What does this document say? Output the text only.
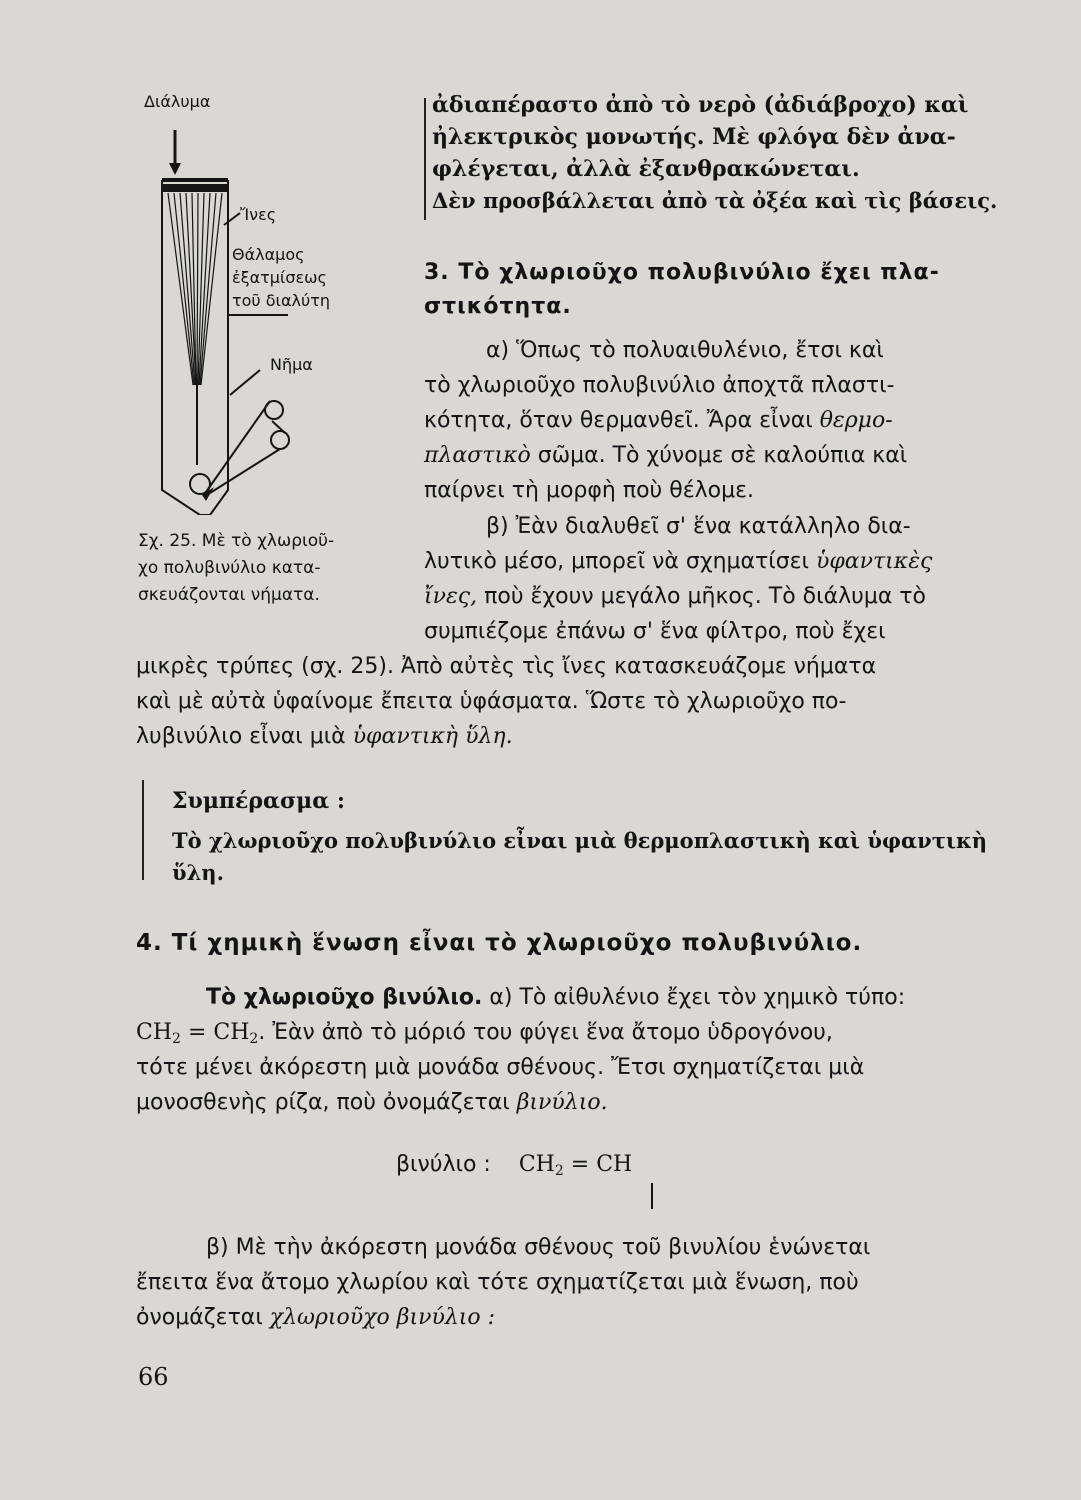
Διάλυμα
Ἴνες
Θάλαμος
ἐξατμίσεως
τοῦ διαλύτη
Νῆμα
Σχ. 25. Μὲ τὸ χλωριοῦ-
χο πολυβινύλιο κατα-
σκευάζονται νήματα.
ἀδιαπέραστο ἀπὸ τὸ νερὸ (ἀδιάβροχο) καὶ
ἠλεκτρικὸς μονωτής. Μὲ φλόγα δὲν ἀνα-
φλέγεται, ἀλλὰ ἐξανθρακώνεται.
Δὲν προσβάλλεται ἀπὸ τὰ ὀξέα καὶ τὶς βάσεις.
3. Τὸ χλωριοῦχο πολυβινύλιο ἔχει πλα-
στικότητα.
α) Ὅπως τὸ πολυαιθυλένιο, ἔτσι καὶ
τὸ χλωριοῦχο πολυβινύλιο ἀποχτᾶ πλαστι-
κότητα, ὅταν θερμανθεῖ. Ἄρα εἶναι θερμο-
πλαστικὸ σῶμα. Τὸ χύνομε σὲ καλούπια καὶ
παίρνει τὴ μορφὴ ποὺ θέλομε.
β) Ἐὰν διαλυθεῖ σ' ἕνα κατάλληλο δια-
λυτικὸ μέσο, μπορεῖ νὰ σχηματίσει ὑφαντικὲς
ἴνες, ποὺ ἔχουν μεγάλο μῆκος. Τὸ διάλυμα τὸ
συμπιέζομε ἐπάνω σ' ἕνα φίλτρο, ποὺ ἔχει
μικρὲς τρύπες (σχ. 25). Ἀπὸ αὐτὲς τὶς ἴνες κατασκευάζομε νήματα
καὶ μὲ αὐτὰ ὑφαίνομε ἔπειτα ὑφάσματα. Ὥστε τὸ χλωριοῦχο πο-
λυβινύλιο εἶναι μιὰ ὑφαντικὴ ὕλη.
Συμπέρασμα :
Τὸ χλωριοῦχο πολυβινύλιο εἶναι μιὰ θερμοπλαστικὴ καὶ ὑφαντικὴ
ὕλη.
4. Τί χημικὴ ἕνωση εἶναι τὸ χλωριοῦχο πολυβινύλιο.
Τὸ χλωριοῦχο βινύλιο. α) Τὸ αἰθυλένιο ἔχει τὸν χημικὸ τύπο:
$CH_2 = CH_2$. Ἐὰν ἀπὸ τὸ μόριό του φύγει ἕνα ἄτομο ὑδρογόνου,
τότε μένει ἀκόρεστη μιὰ μονάδα σθένους. Ἔτσι σχηματίζεται μιὰ
μονοσθενὴς ρίζα, ποὺ ὀνομάζεται βινύλιο.
βινύλιο : $CH_2$ = CH
β) Μὲ τὴν ἀκόρεστη μονάδα σθένους τοῦ βινυλίου ἑνώνεται
ἔπειτα ἕνα ἄτομο χλωρίου καὶ τότε σχηματίζεται μιὰ ἕνωση, ποὺ
ὀνομάζεται χλωριοῦχο βινύλιο :
66
